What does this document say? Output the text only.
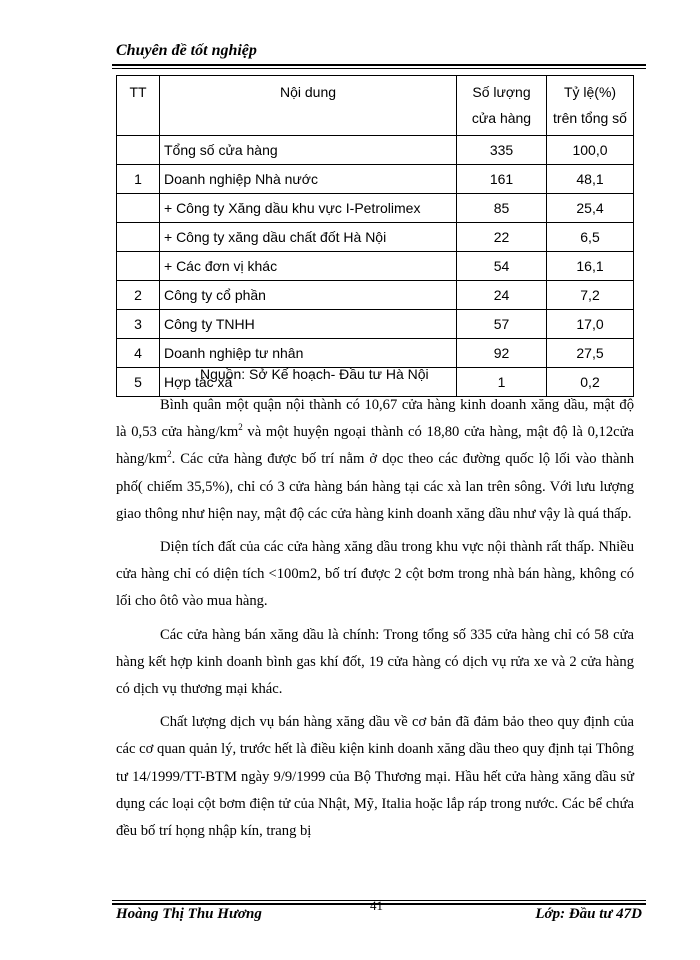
Chuyên đề tốt nghiệp
TT	Nội dung	Số lượng cửa hàng	Tỷ lệ(%) trên tổng số
	Tổng số cửa hàng	335	100,0
1	Doanh nghiệp Nhà nước	161	48,1
	+ Công ty Xăng dầu khu vực I-Petrolimex	85	25,4
	+ Công ty xăng dầu chất đốt Hà Nội	22	6,5
	+ Các đơn vị khác	54	16,1
2	Công ty cổ phần	24	7,2
3	Công ty TNHH	57	17,0
4	Doanh nghiệp tư nhân	92	27,5
5	Hợp tác xã	1	0,2
Nguồn: Sở Kế hoạch- Đầu tư Hà Nội

Bình quân một quận nội thành có 10,67 cửa hàng kinh doanh xăng dầu, mật độ là 0,53 cửa hàng/$km^2$ và một huyện ngoại thành có 18,80 cửa hàng, mật độ là 0,12cửa hàng/$km^2$. Các cửa hàng được bố trí nằm ở dọc theo các đường quốc lộ lối vào thành phố( chiếm 35,5%), chỉ có 3 cửa hàng bán hàng tại các xà lan trên sông. Với lưu lượng giao thông như hiện nay, mật độ các cửa hàng kinh doanh xăng dầu như vậy là quá thấp.

Diện tích đất của các cửa hàng xăng dầu trong khu vực nội thành rất thấp. Nhiều cửa hàng chỉ có diện tích <100m2, bố trí được 2 cột bơm trong nhà bán hàng, không có lối cho ôtô vào mua hàng.

Các cửa hàng bán xăng dầu là chính: Trong tổng số 335 cửa hàng chỉ có 58 cửa hàng kết hợp kinh doanh bình gas khí đốt, 19 cửa hàng có dịch vụ rửa xe và 2 cửa hàng có dịch vụ thương mại khác.

Chất lượng dịch vụ bán hàng xăng dầu về cơ bản đã đảm bảo theo quy định của các cơ quan quản lý, trước hết là điều kiện kinh doanh xăng dầu theo quy định tại Thông tư 14/1999/TT-BTM ngày 9/9/1999 của Bộ Thương mại. Hầu hết cửa hàng xăng dầu sử dụng các loại cột bơm điện tử của Nhật, Mỹ, Italia hoặc lắp ráp trong nước. Các bể chứa đều bố trí họng nhập kín, trang bị

Hoàng Thị Thu Hương
41
Lớp: Đầu tư 47D
